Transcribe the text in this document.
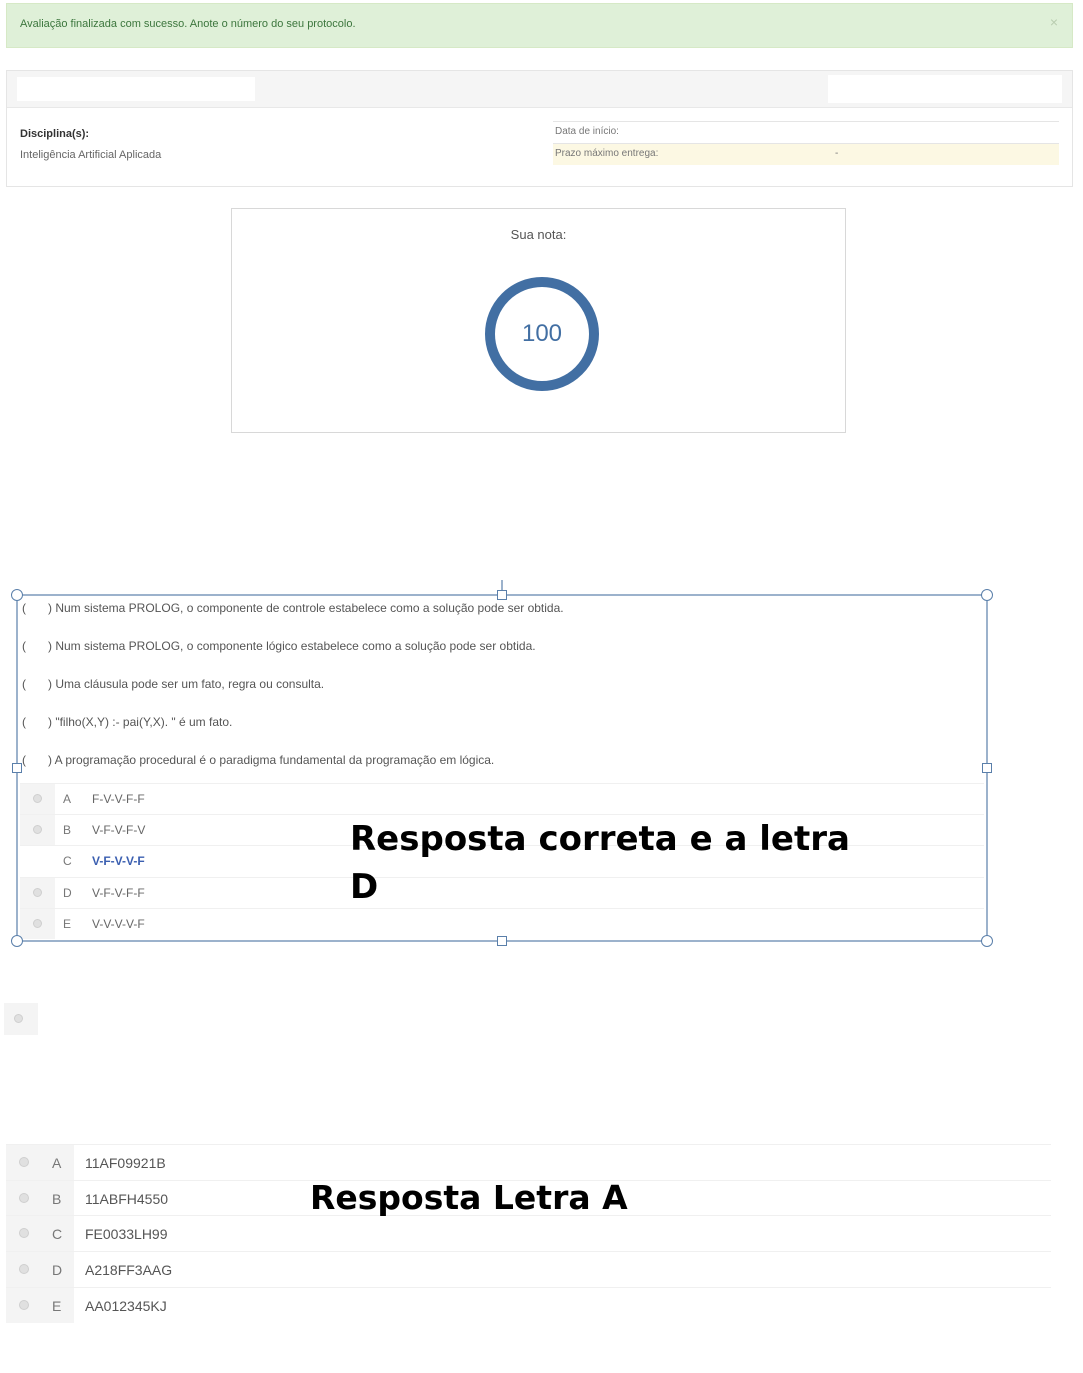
Avaliação finalizada com sucesso. Anote o número do seu protocolo.	×
Disciplina(s):
Inteligência Artificial Aplicada
Data de início:
Prazo máximo entrega:	-
Sua nota:
100
( ) Num sistema PROLOG, o componente de controle estabelece como a solução pode ser obtida.
( ) Num sistema PROLOG, o componente lógico estabelece como a solução pode ser obtida.
( ) Uma cláusula pode ser um fato, regra ou consulta.
( ) "filho(X,Y) :- pai(Y,X). " é um fato.
( ) A programação procedural é o paradigma fundamental da programação em lógica.
A F-V-V-F-F
B V-F-V-F-V
C V-F-V-V-F
D V-F-V-F-F
E V-V-V-V-F
Resposta correta e a letra
D
A 11AF09921B
B 11ABFH4550
C FE0033LH99
D A218FF3AAG
E AA012345KJ
Resposta Letra A
